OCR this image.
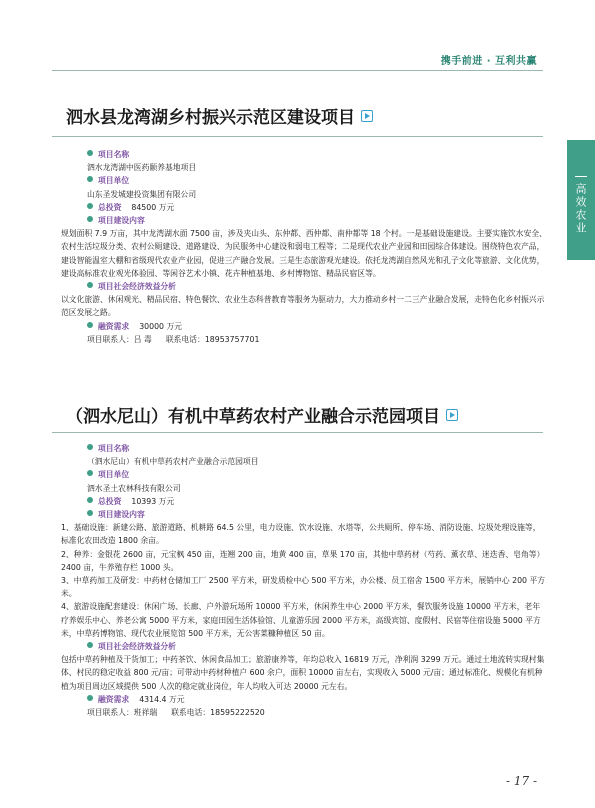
携手前进 · 互利共赢
高效农业
泗水县龙湾湖乡村振兴示范区建设项目
项目名称
泗水龙湾湖中医药颐养基地项目
项目单位
山东圣发城建投资集团有限公司
总投资 84500 万元
项目建设内容
规划面积 7.9 万亩，其中龙湾湖水面 7500 亩，涉及夹山头、东仲都、西仲都、南仲都等 18 个村。一是基础设施建设。主要实施饮水安全、农村生活垃圾分类、农村公厕建设、道路建设、为民服务中心建设和弱电工程等；二是现代农业产业园和田园综合体建设。围绕特色农产品，建设智能温室大棚和省级现代农业产业园，促进三产融合发展。三是生态旅游观光建设。依托龙湾湖自然风光和孔子文化等旅游、文化优势，建设高标准农业观光体验园、等闲谷艺术小镇、花卉种植基地、乡村博物馆、精品民宿区等。
项目社会经济效益分析
以文化旅游、休闲观光、精品民宿、特色餐饮、农业生态科普教育等服务为驱动力，大力推动乡村一二三产业融合发展，走特色化乡村振兴示范区发展之路。
融资需求 30000 万元
项目联系人：吕 毒 联系电话：18953757701
（泗水尼山）有机中草药农村产业融合示范园项目
项目名称
（泗水尼山）有机中草药农村产业融合示范园项目
项目单位
泗水圣土农林科技有限公司
总投资 10393 万元
项目建设内容
1、基础设施：新建公路、旅游道路、机耕路 64.5 公里，电力设施、饮水设施、水塔等，公共厕所、停车场、消防设施、垃圾处理设施等，标准化农田改造 1800 余亩。
2、种养：金银花 2600 亩，元宝枫 450 亩，连翘 200 亩，地黄 400 亩，草果 170 亩，其他中草药材（芍药、薰衣草、迷迭香、皂角等）2400 亩，牛养殖存栏 1000 头。
3、中草药加工及研发：中药材仓储加工厂 2500 平方米，研发质检中心 500 平方米，办公楼、员工宿舍 1500 平方米，展销中心 200 平方米。
4、旅游设施配套建设：休闲广场、长廊、户外游玩场所 10000 平方米，休闲养生中心 2000 平方米，餐饮服务设施 10000 平方米，老年疗养娱乐中心、养老公寓 5000 平方米，家庭田园生活体验馆、儿童游乐园 2000 平方米，高级宾馆、度假村、民宿等住宿设施 5000 平方米，中草药博物馆、现代农业展览馆 500 平方米，无公害菜糠种植区 50 亩。
项目社会经济效益分析
包括中草药种植及干货加工；中药茶饮、休闲食品加工；旅游康养等，年均总收入 16819 万元，净利润 3299 万元。通过土地流转实现村集体、村民的稳定收益 800 元/亩；可带动中药材种植户 600 余户，面积 10000 亩左右，实现收入 5000 元/亩；通过标准化、规模化有机种植为项目周边区域提供 500 人次的稳定就业岗位，年人均收入可达 20000 元左右。
融资需求 4314.4 万元
项目联系人：班祥瑞 联系电话：18595222520
- 17 -
